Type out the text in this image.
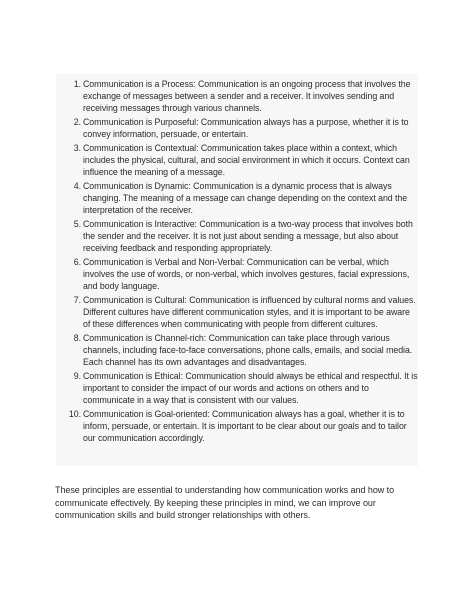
1 . Communication is a Process : Communication is an ongoing process that involves the exchange of messages between a sender and a receiver. It involves sending and receiving messages through various channels.
2 . Communication is Purposeful : Communication always has a purpose, whether it is to convey information, persuade, or entertain.
3 . Communication is Contextual : Communication takes place within a context, which includes the physical, cultural, and social environment in which it occurs. Context can influence the meaning of a message.
4 . Communication is Dynamic : Communication is a dynamic process that is always changing. The meaning of a message can change depending on the context and the interpretation of the receiver.
5 . Communication is Interactive : Communication is a two-way process that involves both the sender and the receiver. It is not just about sending a message, but also about receiving feedback and responding appropriately.
6 . Communication is Verbal and Non-Verbal : Communication can be verbal, which involves the use of words, or non-verbal, which involves gestures, facial expressions, and body language.
7 . Communication is Cultural : Communication is influenced by cultural norms and values. Different cultures have different communication styles, and it is important to be aware of these differences when communicating with people from different cultures.
8 . Communication is Channel-rich : Communication can take place through various channels, including face-to-face conversations, phone calls, emails, and social media. Each channel has its own advantages and disadvantages.
9 . Communication is Ethical : Communication should always be ethical and respectful. It is important to consider the impact of our words and actions on others and to communicate in a way that is consistent with our values.
10 . Communication is Goal-oriented : Communication always has a goal, whether it is to inform, persuade, or entertain. It is important to be clear about our goals and to tailor our communication accordingly.

These principles are essential to understanding how communication works and how to communicate effectively. By keeping these principles in mind, we can improve our communication skills and build stronger relationships with others.
